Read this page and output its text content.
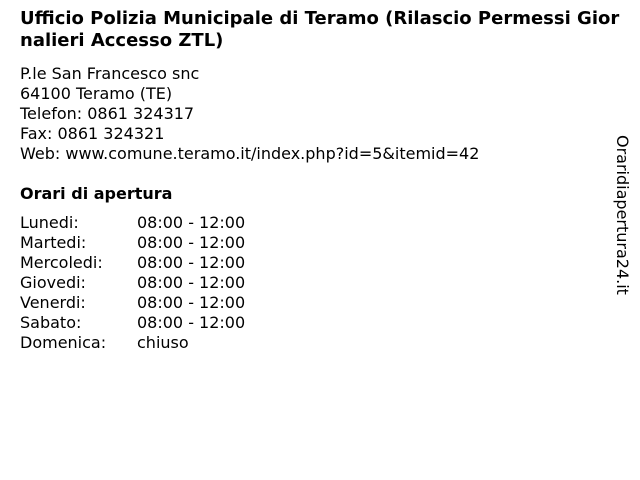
Ufficio Polizia Municipale di Teramo (Rilascio Permessi Giornalieri Accesso ZTL)
P.le San Francesco snc
64100 Teramo (TE)
Telefon: 0861 324317
Fax: 0861 324321
Web: www.comune.teramo.it/index.php?id=5&itemid=42
Orari di apertura
Lunedi:	08:00 - 12:00
Martedi:	08:00 - 12:00
Mercoledi:	08:00 - 12:00
Giovedi:	08:00 - 12:00
Venerdi:	08:00 - 12:00
Sabato:	08:00 - 12:00
Domenica:	chiuso
Oraridiapertura24.it
